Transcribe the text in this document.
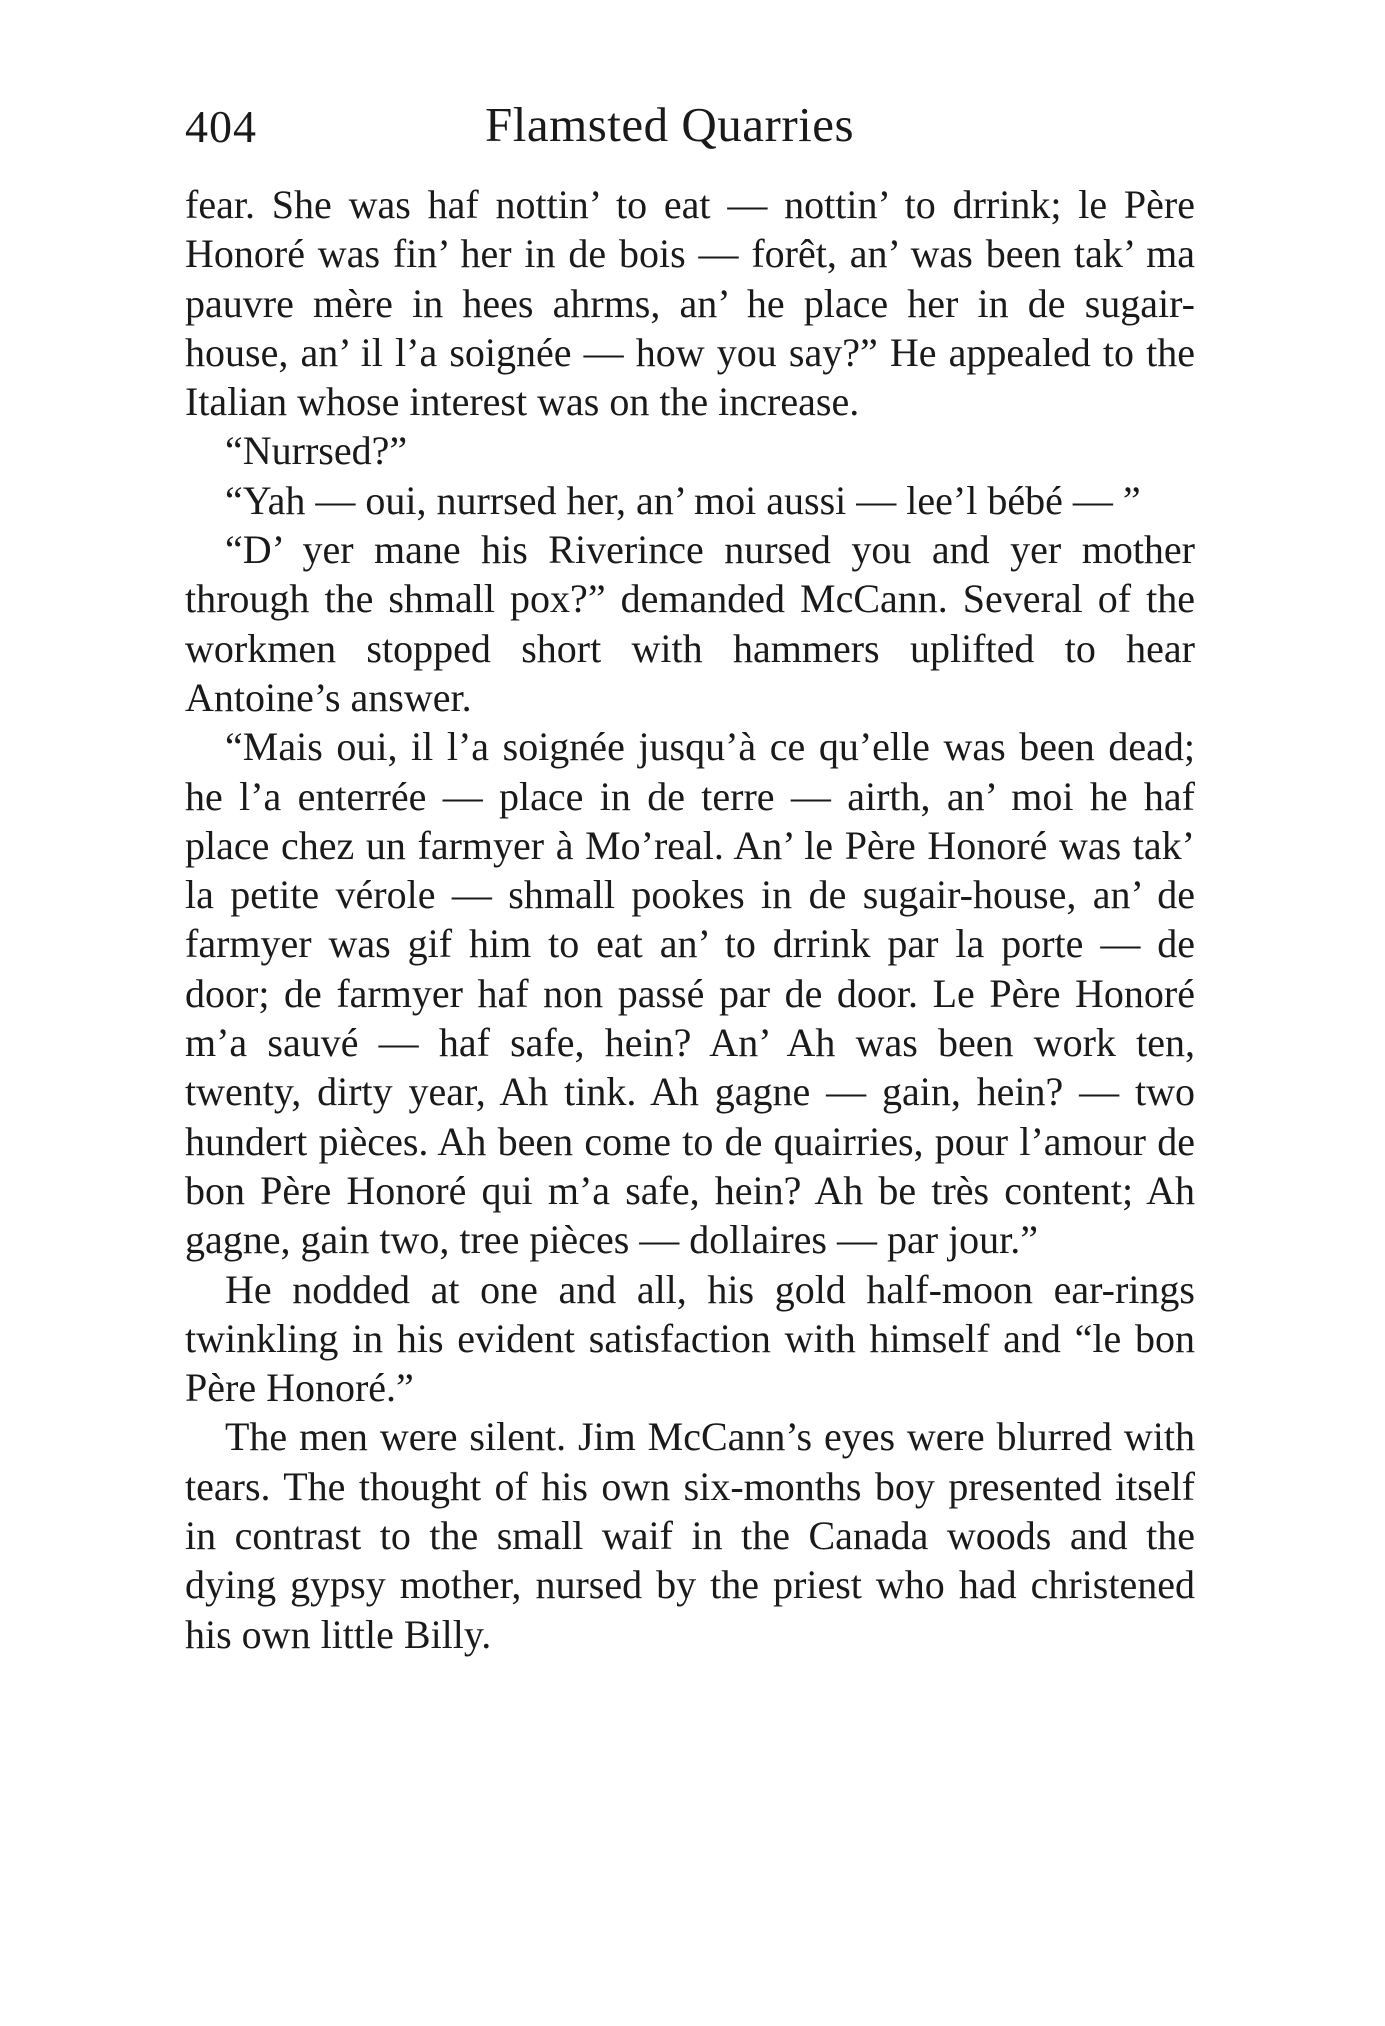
404	Flamsted Quarries

fear. She was haf nottin’ to eat — nottin’ to drrink; le Père Honoré was fin’ her in de bois — forêt, an’ was been tak’ ma pauvre mère in hees ahrms, an’ he place her in de sugair-house, an’ il l’a soignée — how you say?” He appealed to the Italian whose interest was on the increase.

“Nurrsed?”

“Yah — oui, nurrsed her, an’ moi aussi — lee’l bébé — ”

“D’ yer mane his Riverince nursed you and yer mother through the shmall pox?” demanded McCann. Several of the workmen stopped short with hammers uplifted to hear Antoine’s answer.

“Mais oui, il l’a soignée jusqu’à ce qu’elle was been dead; he l’a enterrée — place in de terre — airth, an’ moi he haf place chez un farmyer à Mo’real. An’ le Père Honoré was tak’ la petite vérole — shmall pookes in de sugair-house, an’ de farmyer was gif him to eat an’ to drrink par la porte — de door; de farmyer haf non passé par de door. Le Père Honoré m’a sauvé — haf safe, hein? An’ Ah was been work ten, twenty, dirty year, Ah tink. Ah gagne — gain, hein? — two hundert pièces. Ah been come to de quairries, pour l’amour de bon Père Honoré qui m’a safe, hein? Ah be très content; Ah gagne, gain two, tree pièces — dollaires — par jour.”

He nodded at one and all, his gold half-moon ear-rings twinkling in his evident satisfaction with himself and “le bon Père Honoré.”

The men were silent. Jim McCann’s eyes were blurred with tears. The thought of his own six-months boy presented itself in contrast to the small waif in the Canada woods and the dying gypsy mother, nursed by the priest who had christened his own little Billy.
